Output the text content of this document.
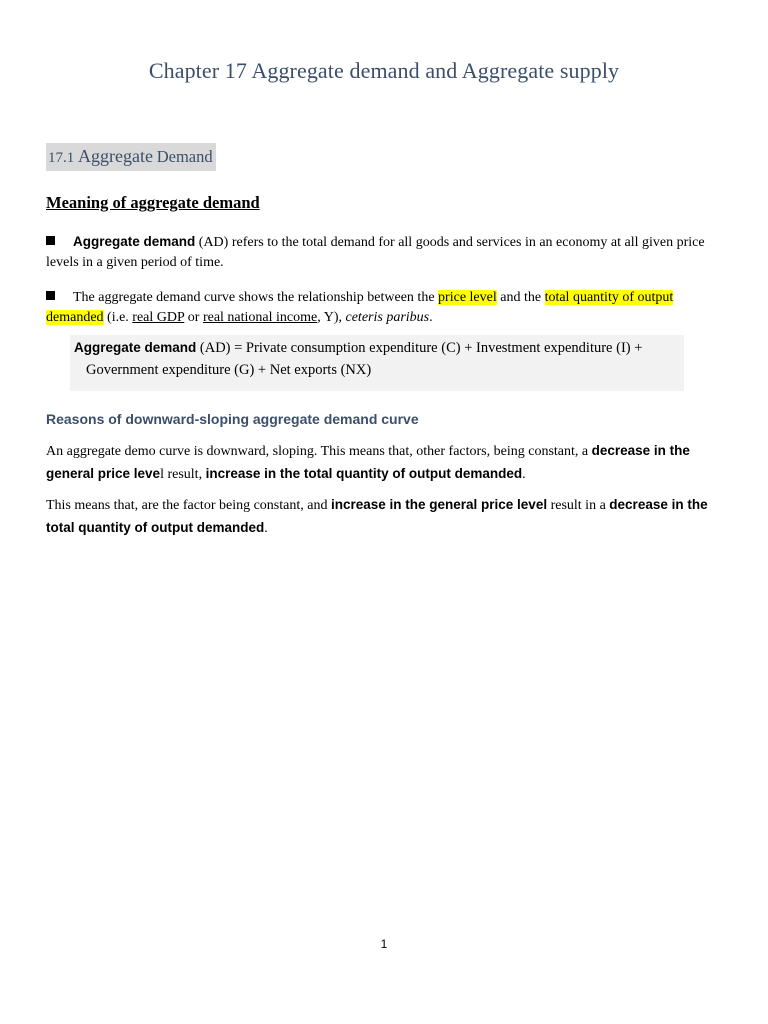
Chapter 17 Aggregate demand and Aggregate supply
17.1 Aggregate Demand
Meaning of aggregate demand
Aggregate demand (AD) refers to the total demand for all goods and services in an economy at all given price levels in a given period of time.
The aggregate demand curve shows the relationship between the price level and the total quantity of output demanded (i.e. real GDP or real national income, Y), ceteris paribus.
Aggregate demand (AD) = Private consumption expenditure (C) + Investment expenditure (I) +
Government expenditure (G) + Net exports (NX)
Reasons of downward-sloping aggregate demand curve
An aggregate demo curve is downward, sloping. This means that, other factors, being constant, a decrease in the general price level result, increase in the total quantity of output demanded.
This means that, are the factor being constant, and increase in the general price level result in a decrease in the total quantity of output demanded.
1
